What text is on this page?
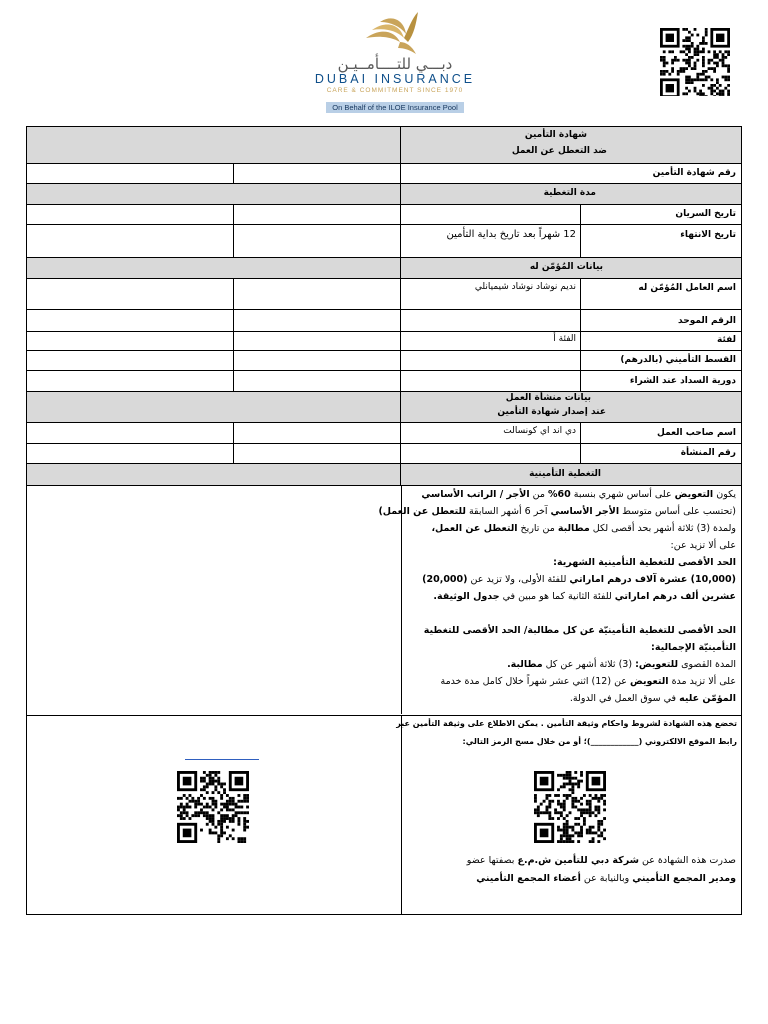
دبـــي للتــــأمــيـن
DUBAI INSURANCE
CARE & COMMITMENT SINCE 1970
On Behalf of the ILOE Insurance Pool
شهادة التأمين
ضد التعطل عن العمل
رقم شهادة التأمين
مدة التغطية
تاريخ السريان
تاريخ الانتهاء
12 شهراً بعد تاريخ بداية التأمين
بيانات المُؤمّن له
اسم العامل المُؤمّن له
نديم نوشاد نوشاد شيميانلي
الرقم الموحد
لفئة
الفئة أ
القسط التأميني (بالدرهم)
دورية السداد عند الشراء
بيانات منشأة العمل
عند إصدار شهادة التأمين
اسم صاحب العمل
دي اند اي كونسالت
رقم المنشأة
التغطية التأمينية

يكون التعويض على أساس شهري بنسبة 60% من الأجر / الراتب الأساسي

(تحتسب على أساس متوسط الأجر الأساسي آخر 6 أشهر السابقة للتعطل عن العمل)

ولمدة (3) ثلاثة أشهر بحد أقصى لكل مطالبة من تاريخ التعطل عن العمل،

على ألا تزيد عن:

الحد الأقصى للتغطية التأمينية الشهرية:

(10,000) عشرة آلاف درهم اماراتي للفئة الأولى، ولا تزيد عن (20,000)

عشرين ألف درهم اماراتي للفئة الثانية كما هو مبين في جدول الوثيقة.

الحد الأقصى للتغطية التأمينيّة عن كل مطالبة/ الحد الأقصى للتغطية

التأمينيّة الإجمالية:

المدة القصوى للتعويض: (3) ثلاثة أشهر عن كل مطالبة.

على ألا تزيد مدة التعويض عن (12) اثني عشر شهراً خلال كامل مدة خدمة

المؤمّن عليه في سوق العمل في الدولة.

تخضع هذه الشهادة لشروط واحكام وثيقة التأمين . يمكن الاطلاع على وثيقة التأمين عبر
رابط الموقع الالكتروني (____________)؛ أو من خلال مسح الرمز التالي:
صدرت هذه الشهادة عن شركة دبي للتأمين ش.م.ع بصفتها عضو
ومدير المجمع التأميني وبالنيابة عن أعضاء المجمع التأميني
